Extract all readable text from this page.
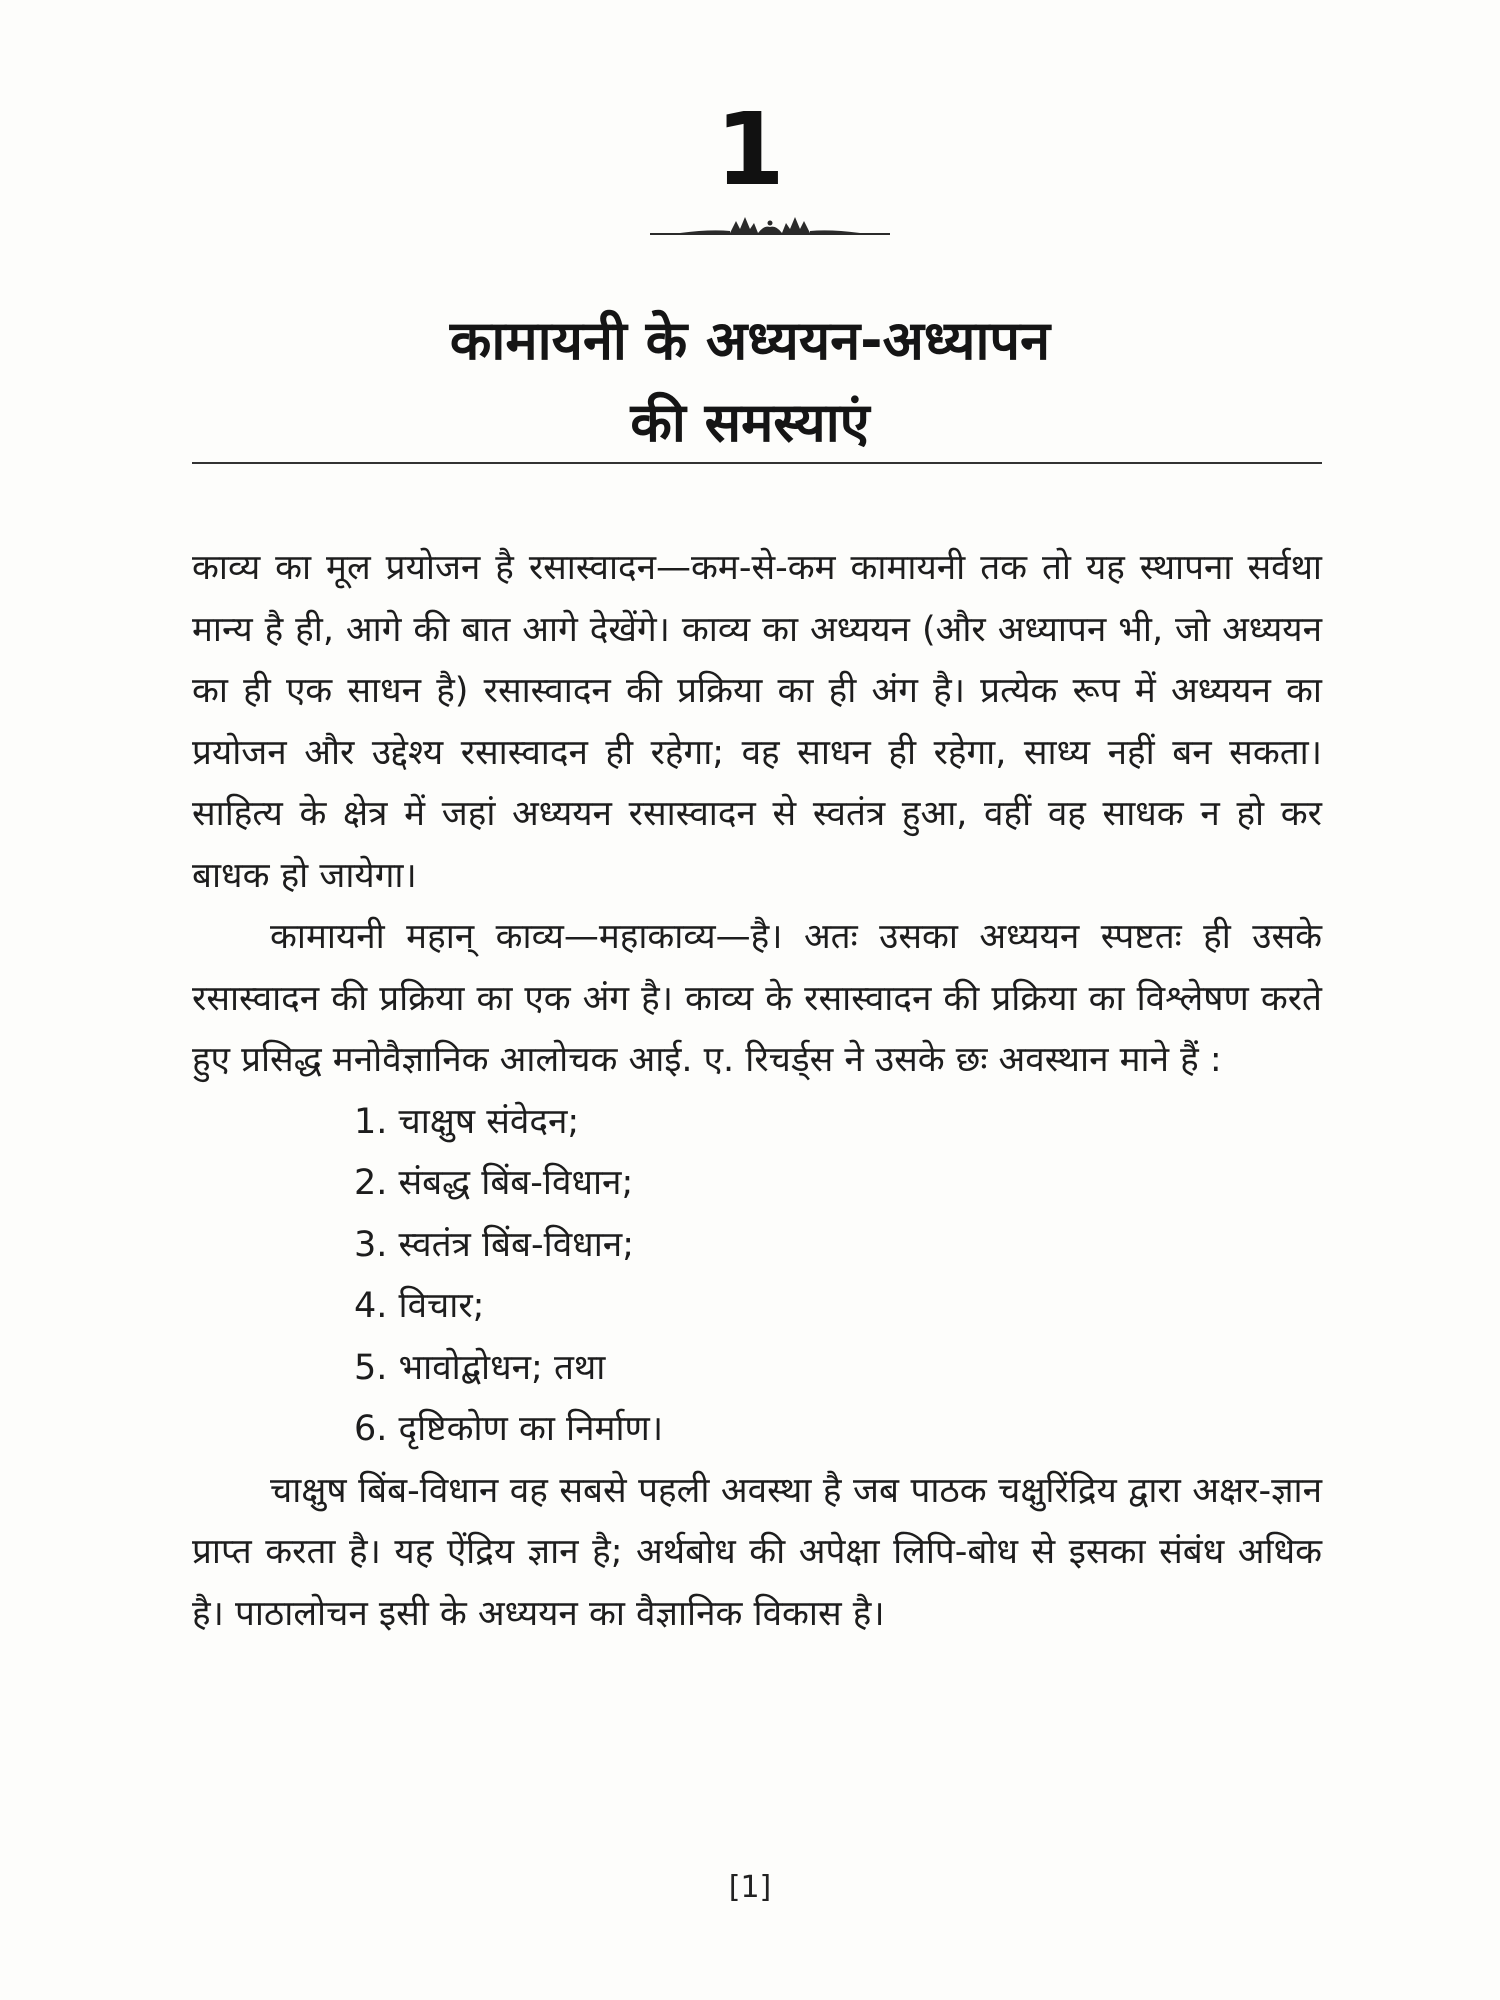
1
कामायनी के अध्ययन-अध्यापन
की समस्याएं

काव्य का मूल प्रयोजन है रसास्वादन—कम-से-कम कामायनी तक तो यह स्थापना सर्वथा मान्य है ही, आगे की बात आगे देखेंगे। काव्य का अध्ययन (और अध्यापन भी, जो अध्ययन का ही एक साधन है) रसास्वादन की प्रक्रिया का ही अंग है। प्रत्येक रूप में अध्ययन का प्रयोजन और उद्देश्य रसास्वादन ही रहेगा; वह साधन ही रहेगा, साध्य नहीं बन सकता। साहित्य के क्षेत्र में जहां अध्ययन रसास्वादन से स्वतंत्र हुआ, वहीं वह साधक न हो कर बाधक हो जायेगा।

कामायनी महान् काव्य—महाकाव्य—है। अतः उसका अध्ययन स्पष्टतः ही उसके रसास्वादन की प्रक्रिया का एक अंग है। काव्य के रसास्वादन की प्रक्रिया का विश्लेषण करते हुए प्रसिद्ध मनोवैज्ञानिक आलोचक आई. ए. रिचर्ड्स ने उसके छः अवस्थान माने हैं :

1. चाक्षुष संवेदन;
2. संबद्ध बिंब-विधान;
3. स्वतंत्र बिंब-विधान;
4. विचार;
5. भावोद्बोधन; तथा
6. दृष्टिकोण का निर्माण।

चाक्षुष बिंब-विधान वह सबसे पहली अवस्था है जब पाठक चक्षुरिंद्रिय द्वारा अक्षर-ज्ञान प्राप्त करता है। यह ऐंद्रिय ज्ञान है; अर्थबोध की अपेक्षा लिपि-बोध से इसका संबंध अधिक है। पाठालोचन इसी के अध्ययन का वैज्ञानिक विकास है।

[1]
